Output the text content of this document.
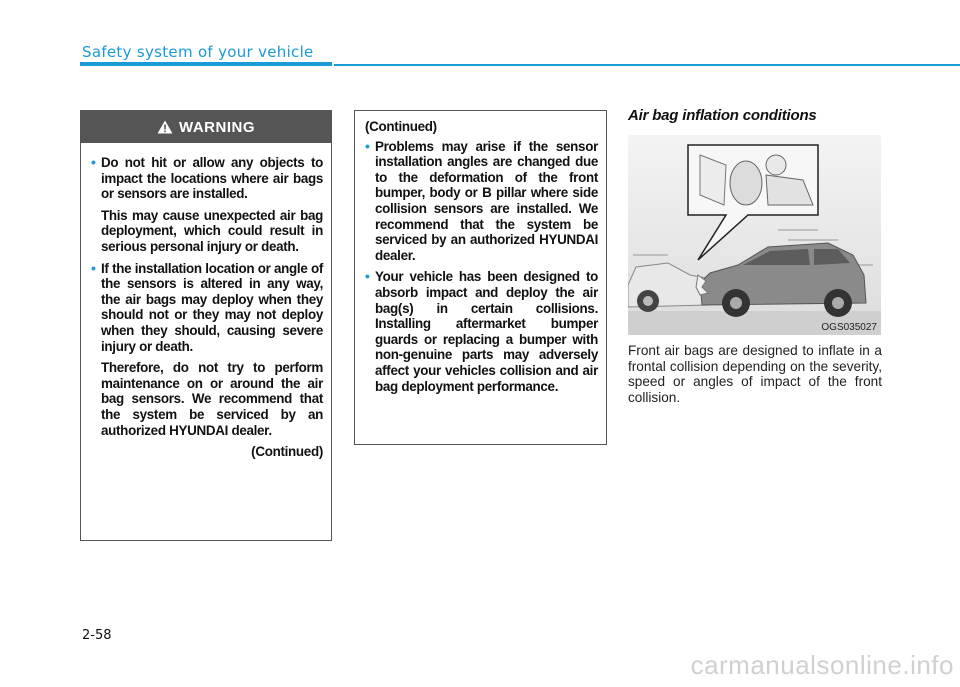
Safety system of your vehicle
WARNING
• Do not hit or allow any objects to impact the locations where air bags or sensors are installed.

This may cause unexpected air bag deployment, which could result in serious personal injury or death.

• If the installation location or angle of the sensors is altered in any way, the air bags may deploy when they should not or they may not deploy when they should, causing severe injury or death.

Therefore, do not try to perform maintenance on or around the air bag sensors. We recommend that the system be serviced by an authorized HYUNDAI dealer.

(Continued)

(Continued)

• Problems may arise if the sensor installation angles are changed due to the deformation of the front bumper, body or B pillar where side collision sensors are installed. We recommend that the system be serviced by an authorized HYUNDAI dealer.

• Your vehicle has been designed to absorb impact and deploy the air bag(s) in certain collisions. Installing aftermarket bumper guards or replacing a bumper with non-genuine parts may adversely affect your vehicles collision and air bag deployment performance.

Air bag inflation conditions
OGS035027

Front air bags are designed to inflate in a frontal collision depending on the severity, speed or angles of impact of the front collision.

2-58
carmanualsonline.info
